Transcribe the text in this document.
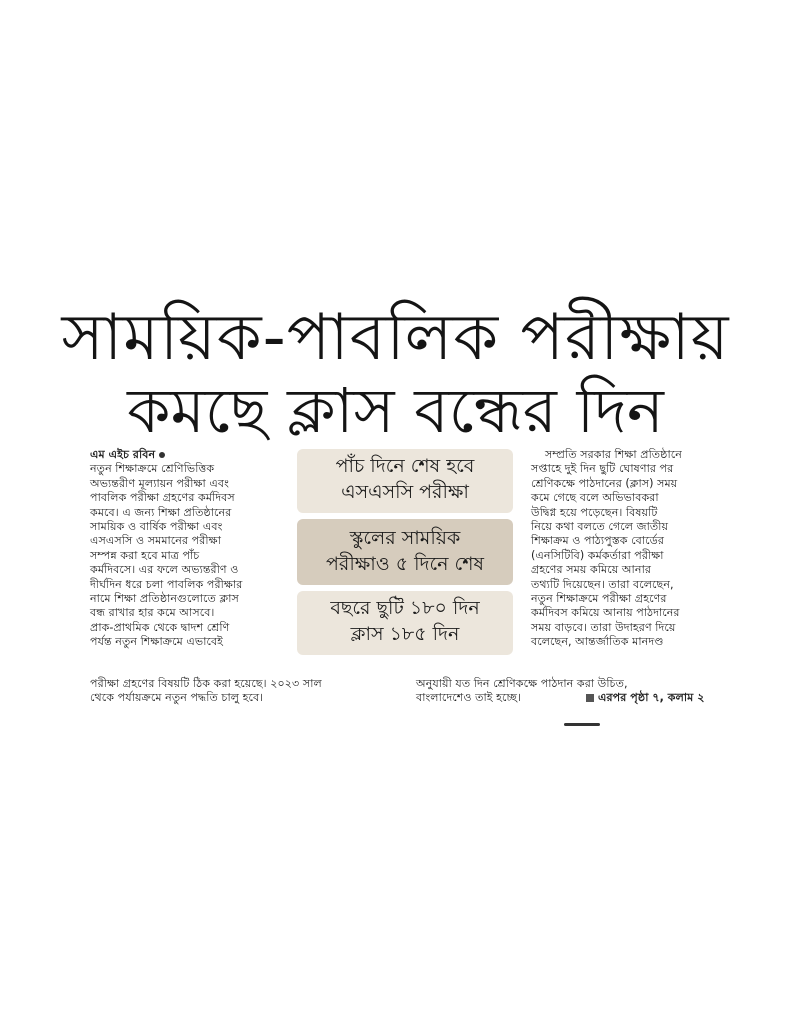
সাময়িক-পাবলিক পরীক্ষায়
কমছে ক্লাস বন্ধের দিন
এম এইচ রবিন
নতুন শিক্ষাক্রমে শ্রেণিভিত্তিক
অভ্যন্তরীণ মূল্যায়ন পরীক্ষা এবং
পাবলিক পরীক্ষা গ্রহণের কর্মদিবস
কমবে। এ জন্য শিক্ষা প্রতিষ্ঠানের
সাময়িক ও বার্ষিক পরীক্ষা এবং
এসএসসি ও সমমানের পরীক্ষা
সম্পন্ন করা হবে মাত্র পাঁচ
কর্মদিবসে। এর ফলে অভ্যন্তরীণ ও
দীর্ঘদিন ধরে চলা পাবলিক পরীক্ষার
নামে শিক্ষা প্রতিষ্ঠানগুলোতে ক্লাস
বন্ধ রাখার হার কমে আসবে।
প্রাক-প্রাথমিক থেকে দ্বাদশ শ্রেণি
পর্যন্ত নতুন শিক্ষাক্রমে এভাবেই
পাঁচ দিনে শেষ হবে
এসএসসি পরীক্ষা
স্কুলের সাময়িক
পরীক্ষাও ৫ দিনে শেষ
বছরে ছুটি ১৮০ দিন
ক্লাস ১৮৫ দিন
সম্প্রতি সরকার শিক্ষা প্রতিষ্ঠানে
সপ্তাহে দুই দিন ছুটি ঘোষণার পর
শ্রেণিকক্ষে পাঠদানের (ক্লাস) সময়
কমে গেছে বলে অভিভাবকরা
উদ্বিগ্ন হয়ে পড়েছেন। বিষয়টি
নিয়ে কথা বলতে গেলে জাতীয়
শিক্ষাক্রম ও পাঠ্যপুস্তক বোর্ডের
(এনসিটিবি) কর্মকর্তারা পরীক্ষা
গ্রহণের সময় কমিয়ে আনার
তথ্যটি দিয়েছেন। তারা বলেছেন,
নতুন শিক্ষাক্রমে পরীক্ষা গ্রহণের
কর্মদিবস কমিয়ে আনায় পাঠদানের
সময় বাড়বে। তারা উদাহরণ দিয়ে
বলেছেন, আন্তর্জাতিক মানদণ্ড
পরীক্ষা গ্রহণের বিষয়টি ঠিক করা হয়েছে। ২০২৩ সাল
থেকে পর্যায়ক্রমে নতুন পদ্ধতি চালু হবে।
অনুযায়ী যত দিন শ্রেণিকক্ষে পাঠদান করা উচিত,
বাংলাদেশেও তাই হচ্ছে।	এরপর পৃষ্ঠা ৭, কলাম ২
